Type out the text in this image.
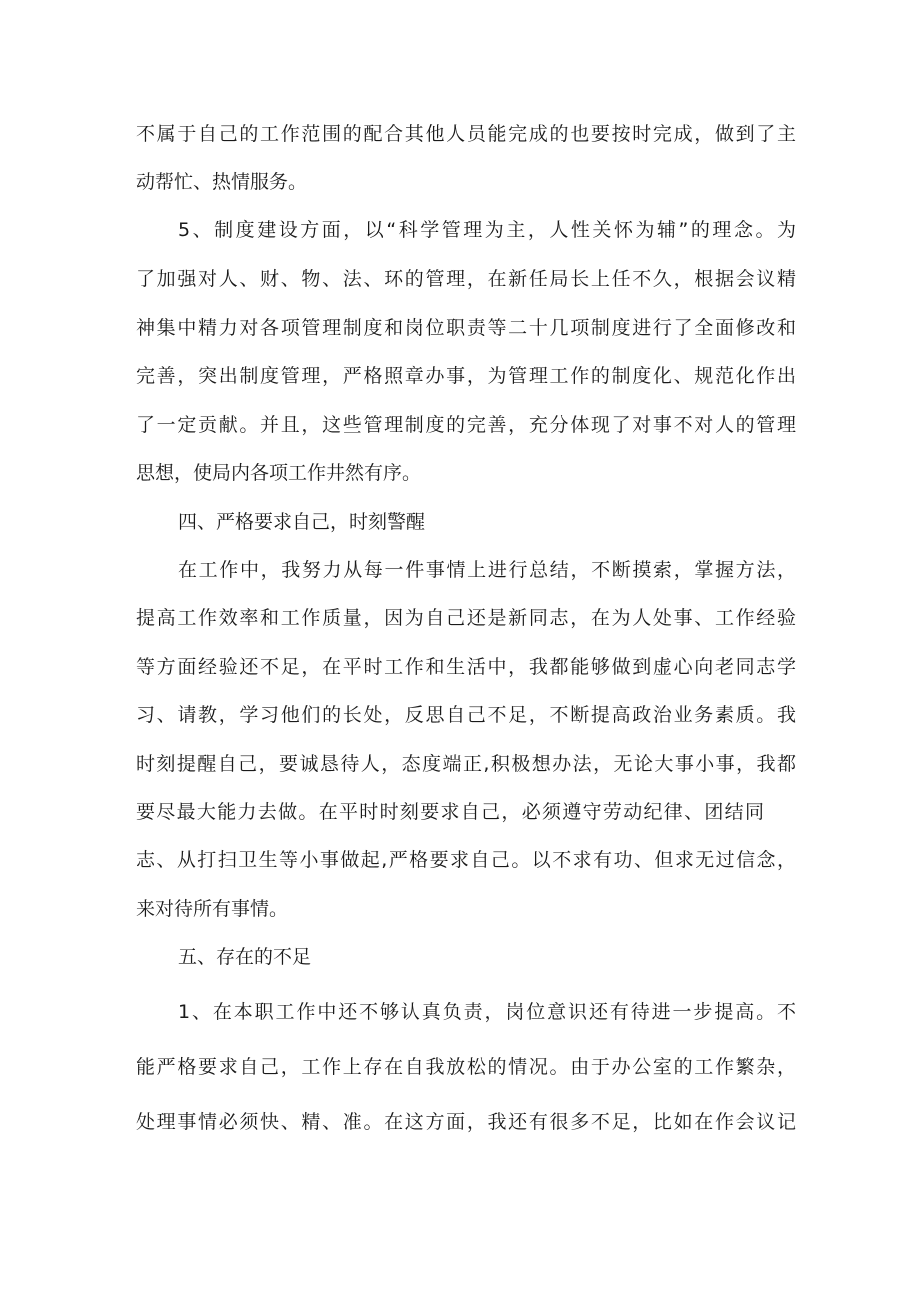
不属于自己的工作范围的配合其他人员能完成的也要按时完成，做到了主
动帮忙、热情服务。
5、制度建设方面，以“科学管理为主，人性关怀为辅”的理念。为
了加强对人、财、物、法、环的管理，在新任局长上任不久，根据会议精
神集中精力对各项管理制度和岗位职责等二十几项制度进行了全面修改和
完善，突出制度管理，严格照章办事，为管理工作的制度化、规范化作出
了一定贡献。并且，这些管理制度的完善，充分体现了对事不对人的管理
思想，使局内各项工作井然有序。
四、严格要求自己，时刻警醒
在工作中，我努力从每一件事情上进行总结，不断摸索，掌握方法，
提高工作效率和工作质量，因为自己还是新同志，在为人处事、工作经验
等方面经验还不足，在平时工作和生活中，我都能够做到虚心向老同志学
习、请教，学习他们的长处，反思自己不足，不断提高政治业务素质。我
时刻提醒自己，要诚恳待人，态度端正,积极想办法，无论大事小事，我都
要尽最大能力去做。在平时时刻要求自己，必须遵守劳动纪律、团结同
志、从打扫卫生等小事做起,严格要求自己。以不求有功、但求无过信念，
来对待所有事情。
五、存在的不足
1、在本职工作中还不够认真负责，岗位意识还有待进一步提高。不
能严格要求自己，工作上存在自我放松的情况。由于办公室的工作繁杂，
处理事情必须快、精、准。在这方面，我还有很多不足，比如在作会议记
